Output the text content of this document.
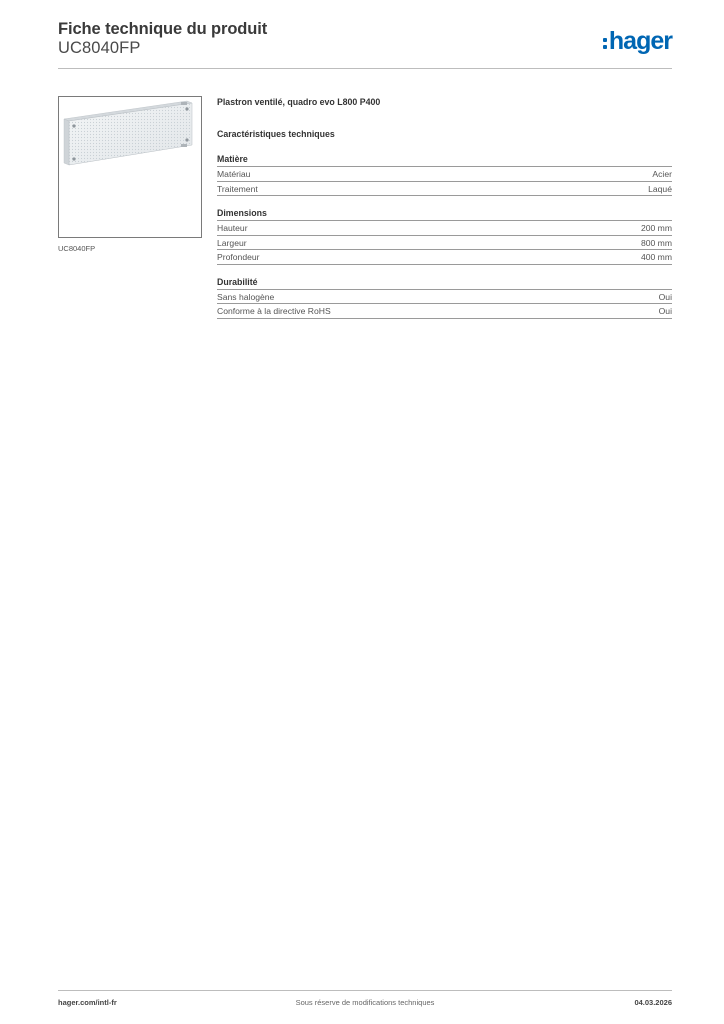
Fiche technique du produit
UC8040FP	hager
UC8040FP
Plastron ventilé, quadro evo L800 P400
Caractéristiques techniques
Matière
Matériau	Acier
Traitement	Laqué
Dimensions
Hauteur	200 mm
Largeur	800 mm
Profondeur	400 mm
Durabilité
Sans halogène	Oui
Conforme à la directive RoHS	Oui
hager.com/intl-fr	Sous réserve de modifications techniques	04.03.2026
